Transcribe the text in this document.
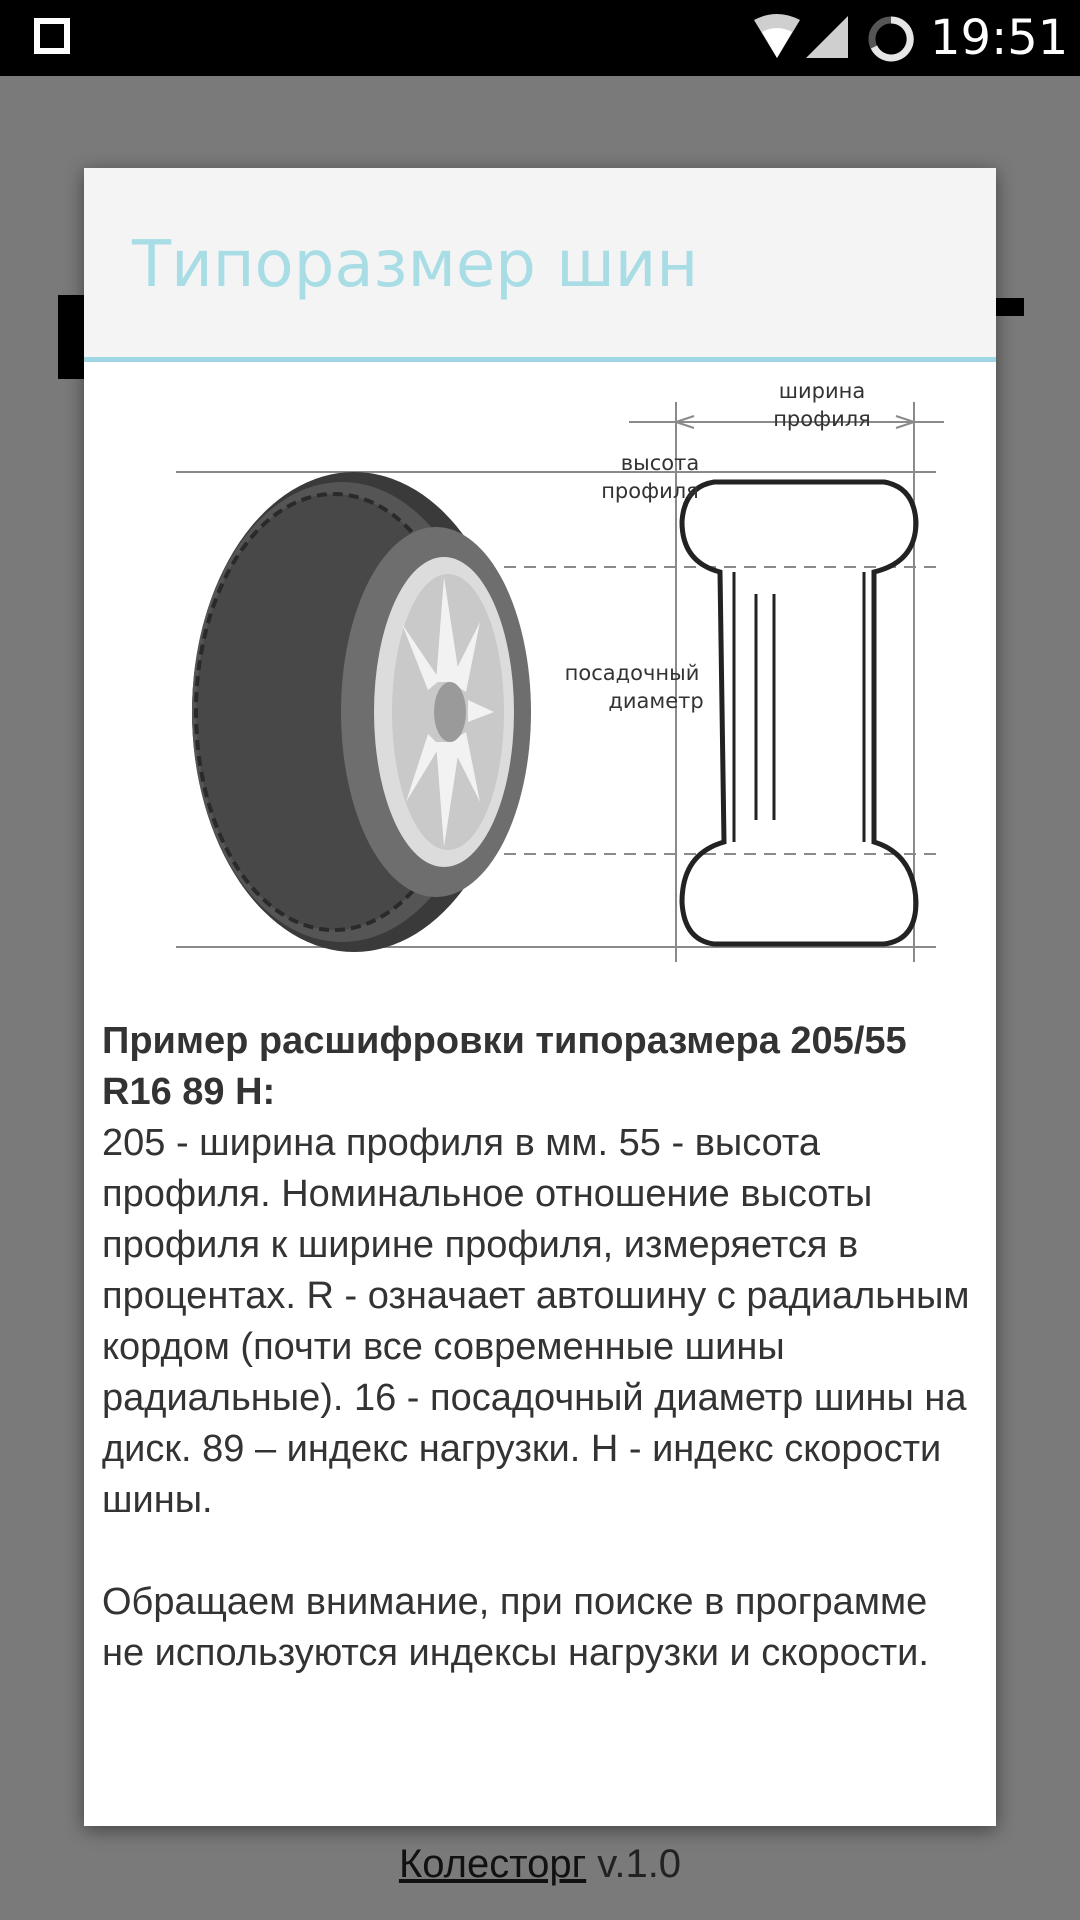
19:51
Типоразмер шин
ширина
профиля
высота
профиля
посадочный
диаметр

Пример расшифровки типоразмера 205/55 R16 89 H:

205 - ширина профиля в мм. 55 - высота профиля. Номинальное отношение высоты профиля к ширине профиля, измеряется в процентах. R - означает автошину с радиальным кордом (почти все современные шины радиальные). 16 - посадочный диаметр шины на диск. 89 – индекс нагрузки. H - индекс скорости шины.

Обращаем внимание, при поиске в программе не используются индексы нагрузки и скорости.

Колесторг v.1.0
